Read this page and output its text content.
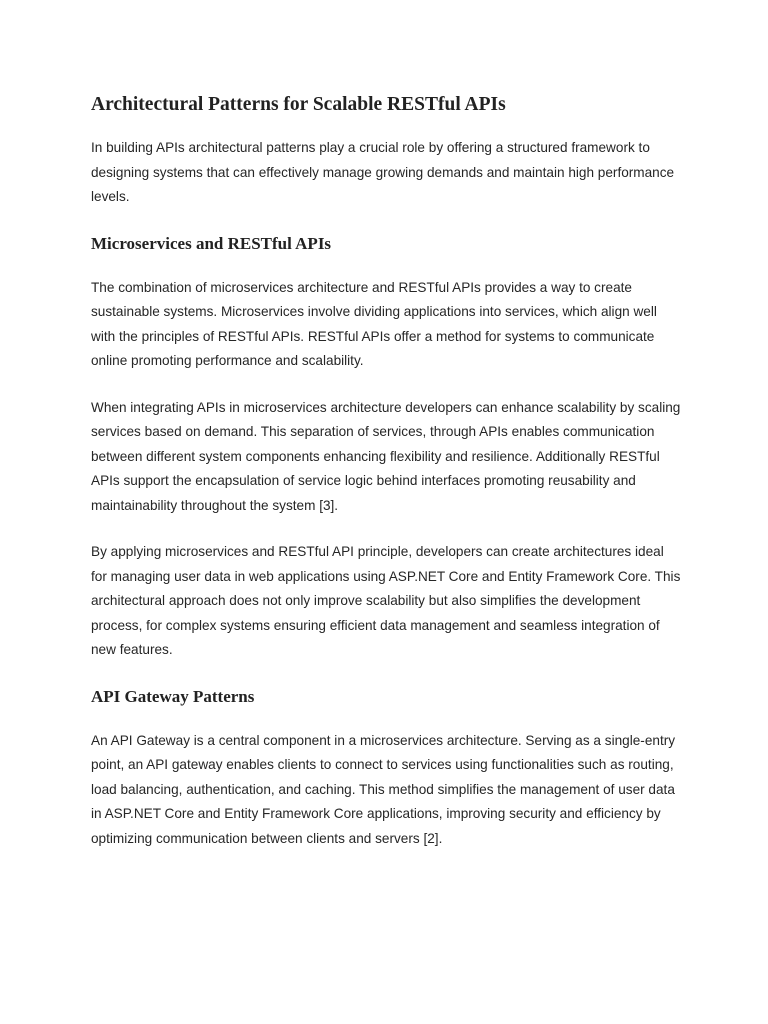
Architectural Patterns for Scalable RESTful APIs

In building APIs architectural patterns play a crucial role by offering a structured framework to designing systems that can effectively manage growing demands and maintain high performance levels.

Microservices and RESTful APIs

The combination of microservices architecture and RESTful APIs provides a way to create sustainable systems. Microservices involve dividing applications into services, which align well with the principles of RESTful APIs. RESTful APIs offer a method for systems to communicate online promoting performance and scalability.

When integrating APIs in microservices architecture developers can enhance scalability by scaling services based on demand. This separation of services, through APIs enables communication between different system components enhancing flexibility and resilience. Additionally RESTful APIs support the encapsulation of service logic behind interfaces promoting reusability and maintainability throughout the system [3].

By applying microservices and RESTful API principle, developers can create architectures ideal for managing user data in web applications using ASP.NET Core and Entity Framework Core. This architectural approach does not only improve scalability but also simplifies the development process, for complex systems ensuring efficient data management and seamless integration of new features.

API Gateway Patterns

An API Gateway is a central component in a microservices architecture. Serving as a single-entry point, an API gateway enables clients to connect to services using functionalities such as routing, load balancing, authentication, and caching. This method simplifies the management of user data in ASP.NET Core and Entity Framework Core applications, improving security and efficiency by optimizing communication between clients and servers [2].
